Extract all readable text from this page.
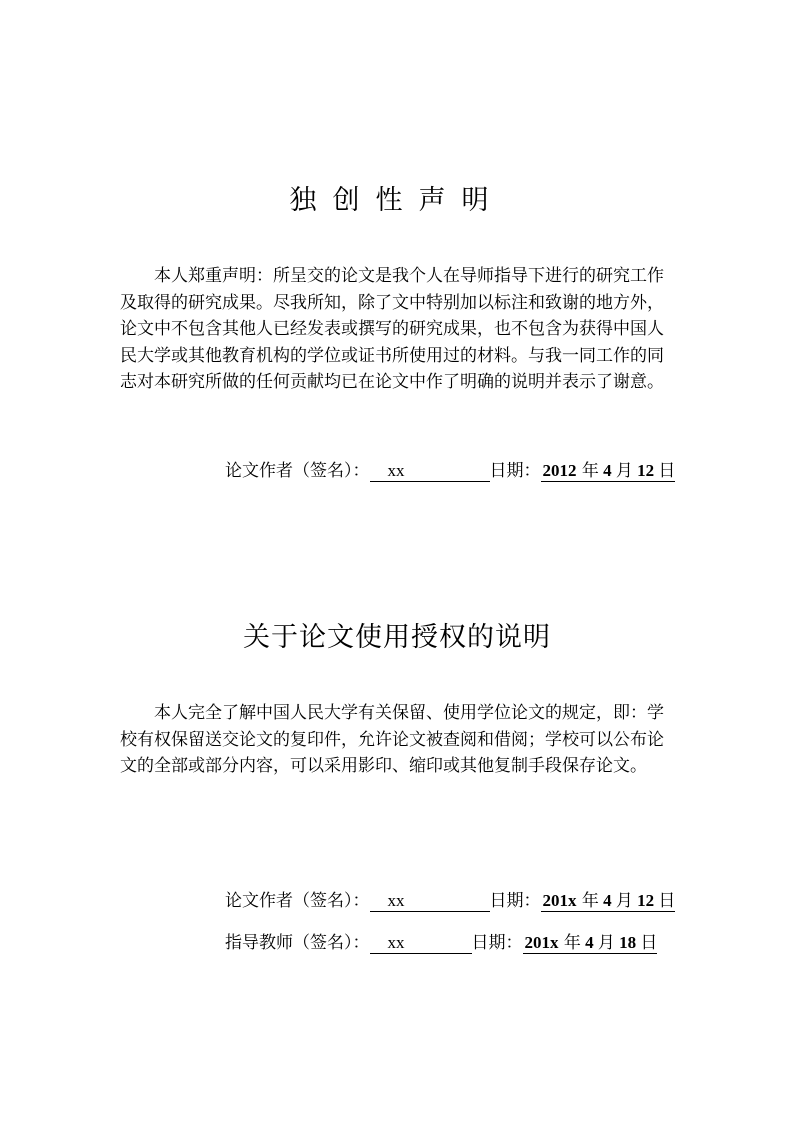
独创性声明

本人郑重声明：所呈交的论文是我个人在导师指导下进行的研究工作及取得的研究成果。尽我所知，除了文中特别加以标注和致谢的地方外，论文中不包含其他人已经发表或撰写的研究成果，也不包含为获得中国人民大学或其他教育机构的学位或证书所使用过的材料。与我一同工作的同志对本研究所做的任何贡献均已在论文中作了明确的说明并表示了谢意。

论文作者（签名）： xx	日期： 2012 年 4 月 12 日
关于论文使用授权的说明

本人完全了解中国人民大学有关保留、使用学位论文的规定，即：学校有权保留送交论文的复印件，允许论文被查阅和借阅；学校可以公布论文的全部或部分内容，可以采用影印、缩印或其他复制手段保存论文。

论文作者（签名）： xx	日期： 201x 年 4 月 12 日
指导教师（签名）： xx	日期： 201x 年 4 月 18 日
